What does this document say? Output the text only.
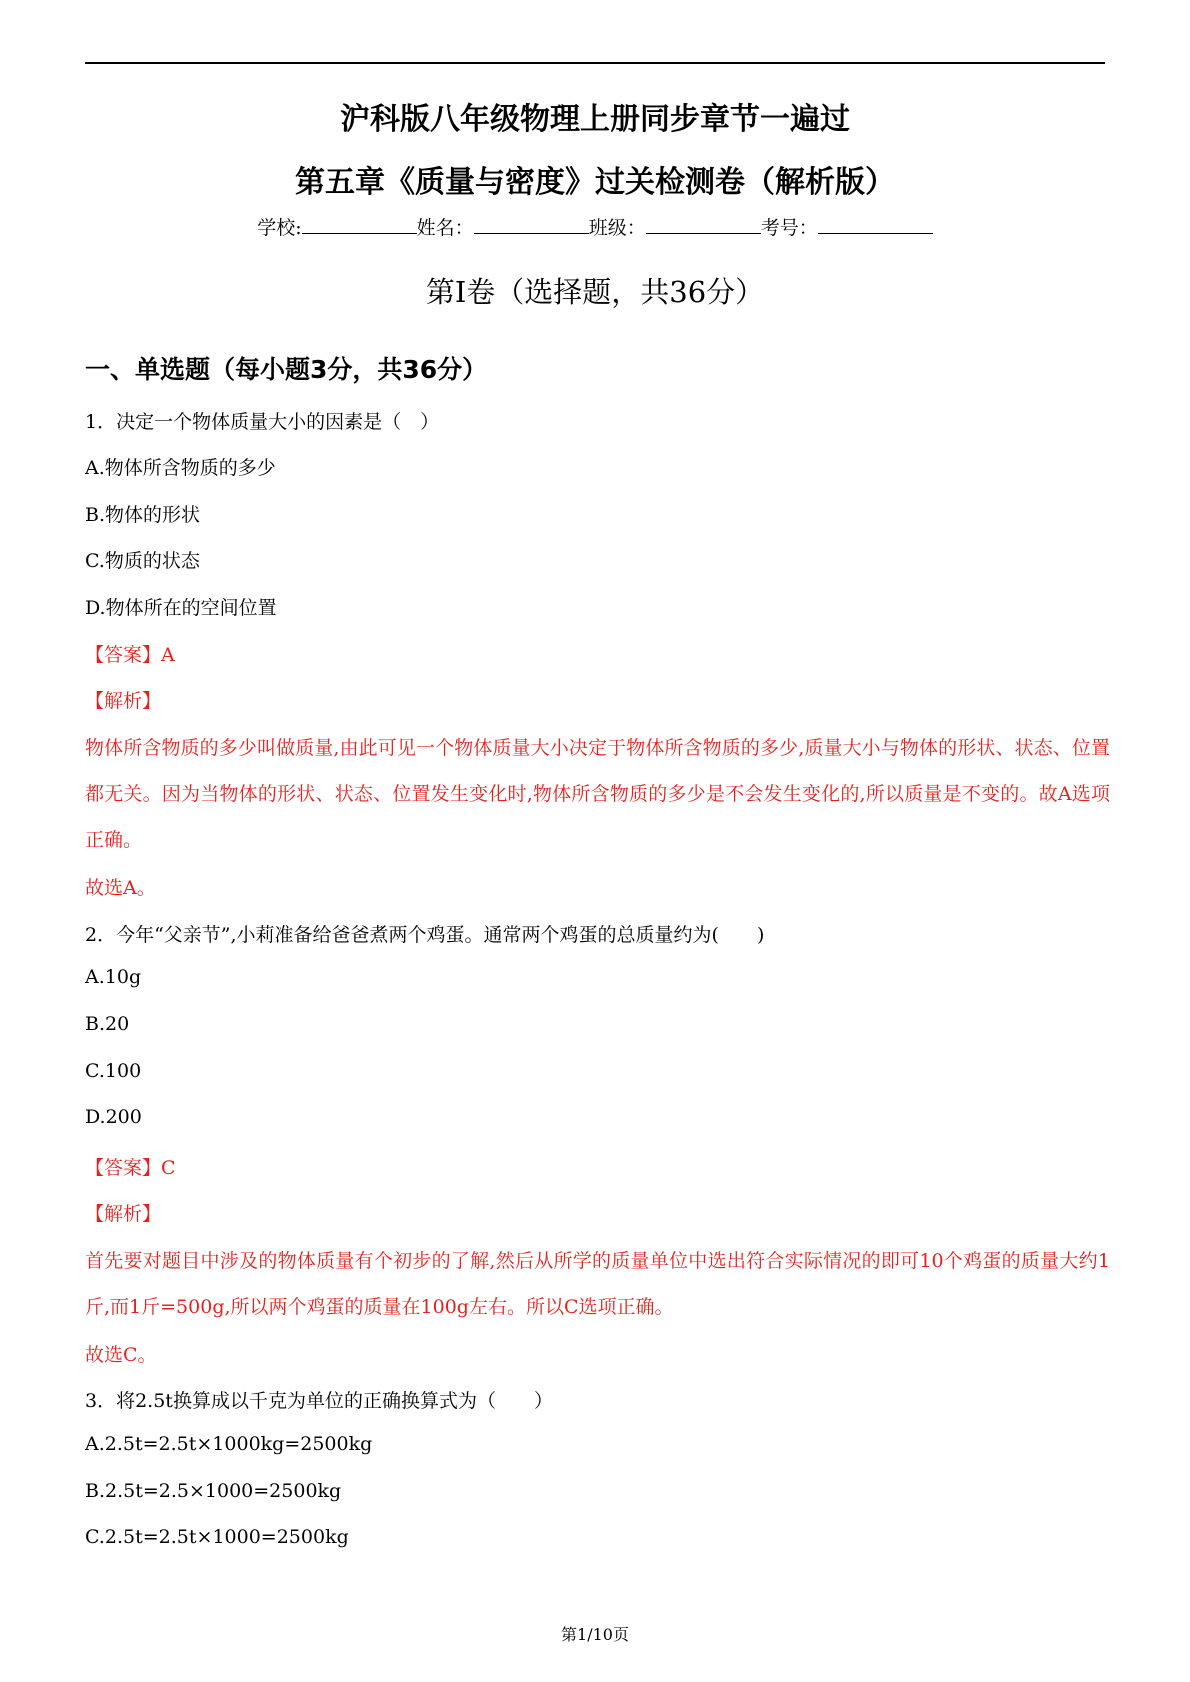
沪科版八年级物理上册同步章节一遍过
第五章《质量与密度》过关检测卷（解析版）
学校:	姓名：	班级：	考号：
第I卷（选择题，共36分）
一、单选题（每小题3分，共36分）
1．决定一个物体质量大小的因素是（　）
A.物体所含物质的多少
B.物体的形状
C.物质的状态
D.物体所在的空间位置
【答案】A
【解析】
物体所含物质的多少叫做质量,由此可见一个物体质量大小决定于物体所含物质的多少,质量大小与物体的形状、状态、位置都无关。因为当物体的形状、状态、位置发生变化时,物体所含物质的多少是不会发生变化的,所以质量是不变的。故A选项正确。
故选A。
2．今年“父亲节”,小莉准备给爸爸煮两个鸡蛋。通常两个鸡蛋的总质量约为(　　)
A.10g
B.20
C.100
D.200
【答案】C
【解析】
首先要对题目中涉及的物体质量有个初步的了解,然后从所学的质量单位中选出符合实际情况的即可10个鸡蛋的质量大约1斤,而1斤=500g,所以两个鸡蛋的质量在100g左右。所以C选项正确。
故选C。
3．将2.5t换算成以千克为单位的正确换算式为（　　）
A.2.5t=2.5t×1000kg=2500kg
B.2.5t=2.5×1000=2500kg
C.2.5t=2.5t×1000=2500kg
第1/10页
